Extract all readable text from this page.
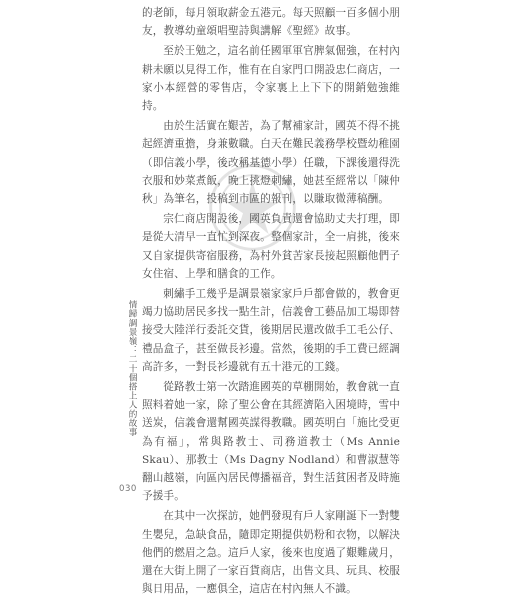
的老師，每月領取薪金五港元。每天照顧一百多個小朋友，教導幼童頌唱聖詩與講解《聖經》故事。

至於王勉之，這名前任國軍軍官脾氣倔強，在村內耕未願以見得工作，惟有在自家門口開設忠仁商店，一家小本經營的零售店，令家裏上上下下的開銷勉強維持。

由於生活實在艱苦，為了幫補家計，國英不得不挑起經濟重擔，身兼數職。白天在難民義務學校暨幼稚園（即信義小學，後改稱基德小學）任職，下課後還得洗衣服和妙菜煮飯，晚上挑燈刺繡，她甚至經常以「陳仲秋」為筆名，投稿到市區的報刊，以賺取微薄稿酬。

宗仁商店開設後，國英負責還會協助丈夫打理，即是從大清早一直忙到深夜。整個家計，全一肩挑，後來又自家提供寄宿服務，為村外貧苦家長接起照顧他們子女住宿、上學和膳食的工作。

刺繡手工幾乎是調景嶺家家戶戶都會做的，教會更竭力協助居民多找一點生計，信義會工藝品加工場即替接受大陸洋行委託交貨，後期居民還改做手工毛公仔、禮品盒子，甚至做長衫邊。當然，後期的手工費已經調高許多，一對長衫邊就有五十港元的工錢。

從路教士第一次踏進國英的草棚開始，教會就一直照料着她一家，除了聖公會在其經濟陷入困境時，雪中送炭，信義會還幫國英謀得教職。國英明白「施比受更為有福」，常與路教士、司務道教士（Ms Annie Skau）、那教士（Ms Dagny Nodland）和曹淑慧等翻山越嶺，向區內居民傳播福音，對生活貧困者及時施予援手。

在其中一次探訪，她們發現有戶人家剛誕下一對雙生嬰兒，急缺食品，隨即定期提供奶粉和衣物，以解決他們的燃眉之急。這戶人家，後來也度過了艱難歲月，還在大街上開了一家百貨商店，出售文具、玩具、校服與日用品，一應俱全，這店在村內無人不識。

情歸調景嶺：二十個搭上人的故事
030
